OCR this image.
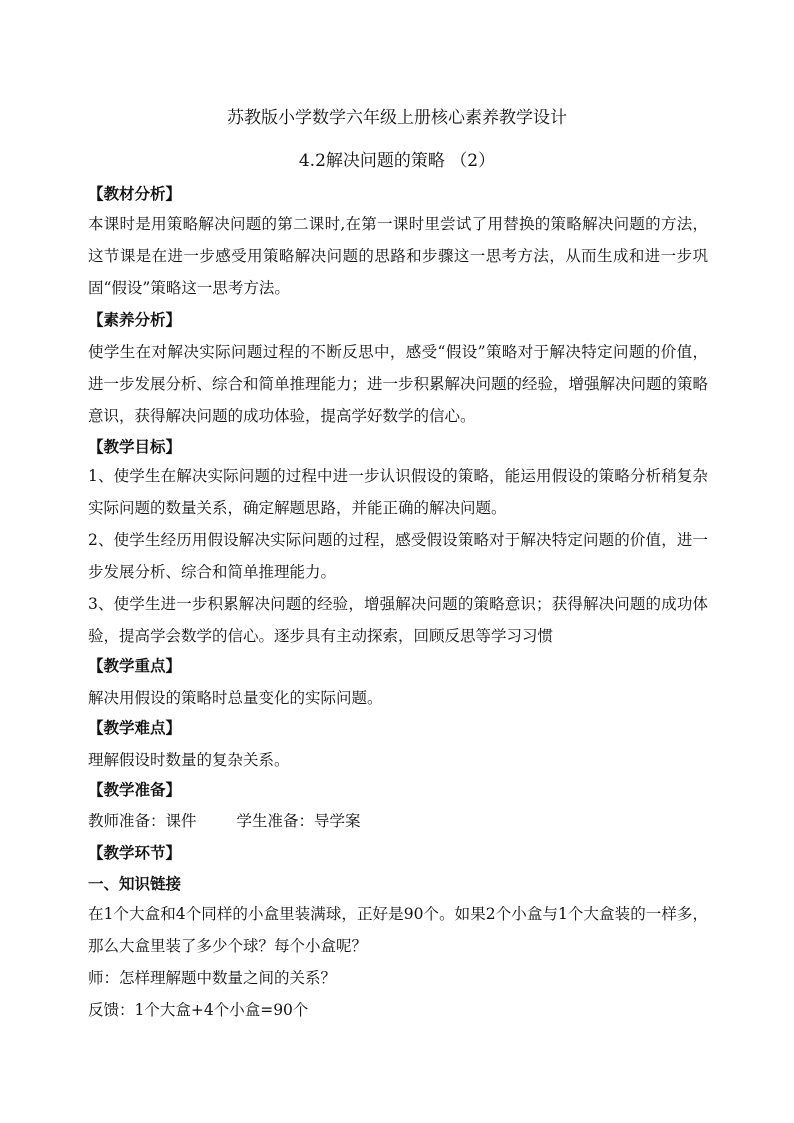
苏教版小学数学六年级上册核心素养教学设计
4.2解决问题的策略 （2）
【教材分析】
本课时是用策略解决问题的第二课时,在第一课时里尝试了用替换的策略解决问题的方法，这节课是在进一步感受用策略解决问题的思路和步骤这一思考方法，从而生成和进一步巩固“假设”策略这一思考方法。
【素养分析】
使学生在对解决实际问题过程的不断反思中，感受“假设”策略对于解决特定问题的价值，进一步发展分析、综合和简单推理能力；进一步积累解决问题的经验，增强解决问题的策略意识，获得解决问题的成功体验，提高学好数学的信心。
【教学目标】
1、使学生在解决实际问题的过程中进一步认识假设的策略，能运用假设的策略分析稍复杂实际问题的数量关系，确定解题思路，并能正确的解决问题。
2、使学生经历用假设解决实际问题的过程，感受假设策略对于解决特定问题的价值，进一步发展分析、综合和简单推理能力。
3、使学生进一步积累解决问题的经验，增强解决问题的策略意识；获得解决问题的成功体验，提高学会数学的信心。逐步具有主动探索，回顾反思等学习习惯
【教学重点】
解决用假设的策略时总量变化的实际问题。
【教学难点】
理解假设时数量的复杂关系。
【教学准备】
教师准备：课件	学生准备：导学案
【教学环节】
一、知识链接
在1个大盒和4个同样的小盒里装满球，正好是90个。如果2个小盒与1个大盒装的一样多，那么大盒里装了多少个球？每个小盒呢？
师：怎样理解题中数量之间的关系？
反馈：1个大盒+4个小盒=90个
